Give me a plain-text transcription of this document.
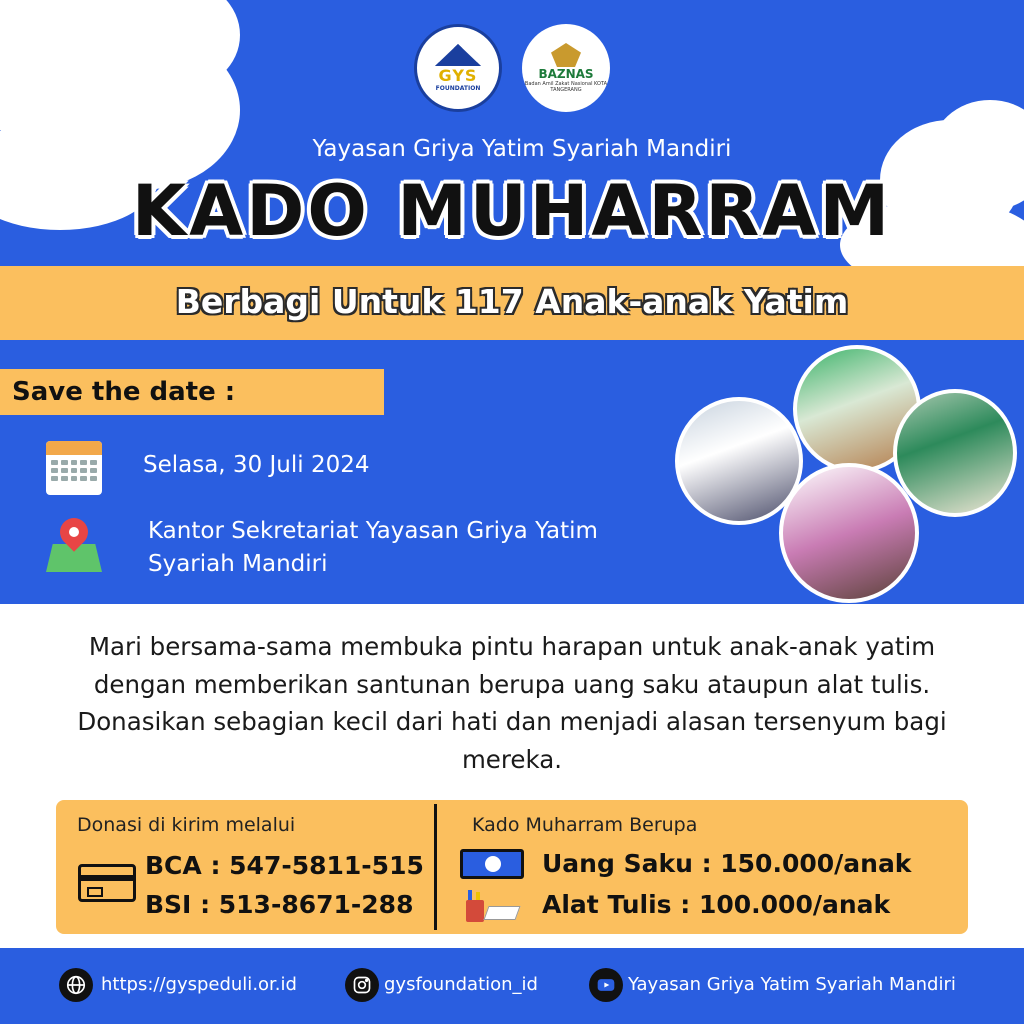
GYS
FOUNDATION
BAZNAS
Badan Amil Zakat Nasional KOTA TANGERANG
Yayasan Griya Yatim Syariah Mandiri
KADO MUHARRAM
Berbagi Untuk 117 Anak-anak Yatim
Save the date :
Selasa, 30 Juli 2024
Kantor Sekretariat Yayasan Griya Yatim Syariah Mandiri
Mari bersama-sama membuka pintu harapan untuk anak-anak yatim dengan memberikan santunan berupa uang saku ataupun alat tulis. Donasikan sebagian kecil dari hati dan menjadi alasan tersenyum bagi mereka.
Donasi di kirim melalui	Kado Muharram Berupa
BCA : 547-5811-515
BSI : 513-8671-288
Uang Saku : 150.000/anak
Alat Tulis : 100.000/anak
https://gyspeduli.or.id	gysfoundation_id	Yayasan Griya Yatim Syariah Mandiri
